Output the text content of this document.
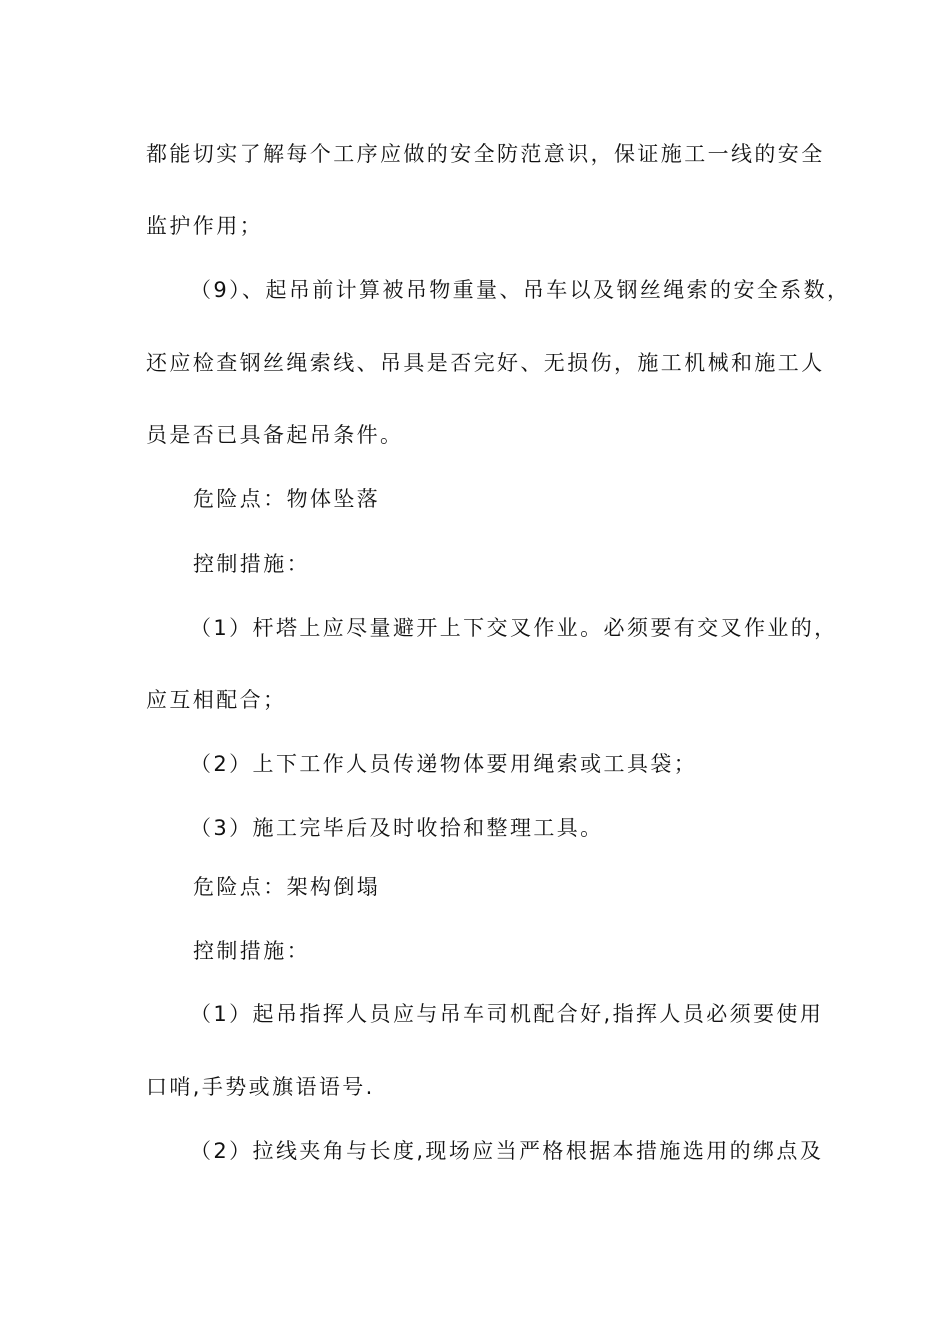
都能切实了解每个工序应做的安全防范意识，保证施工一线的安全
监护作用；
（9）、起吊前计算被吊物重量、吊车以及钢丝绳索的安全系数，
还应检查钢丝绳索线、吊具是否完好、无损伤，施工机械和施工人
员是否已具备起吊条件。
危险点：物体坠落
控制措施：
（1）杆塔上应尽量避开上下交叉作业。必须要有交叉作业的，
应互相配合；
（2）上下工作人员传递物体要用绳索或工具袋；
（3）施工完毕后及时收拾和整理工具。
危险点：架构倒塌
控制措施：
（1）起吊指挥人员应与吊车司机配合好,指挥人员必须要使用
口哨,手势或旗语语号.
（2）拉线夹角与长度,现场应当严格根据本措施选用的绑点及
